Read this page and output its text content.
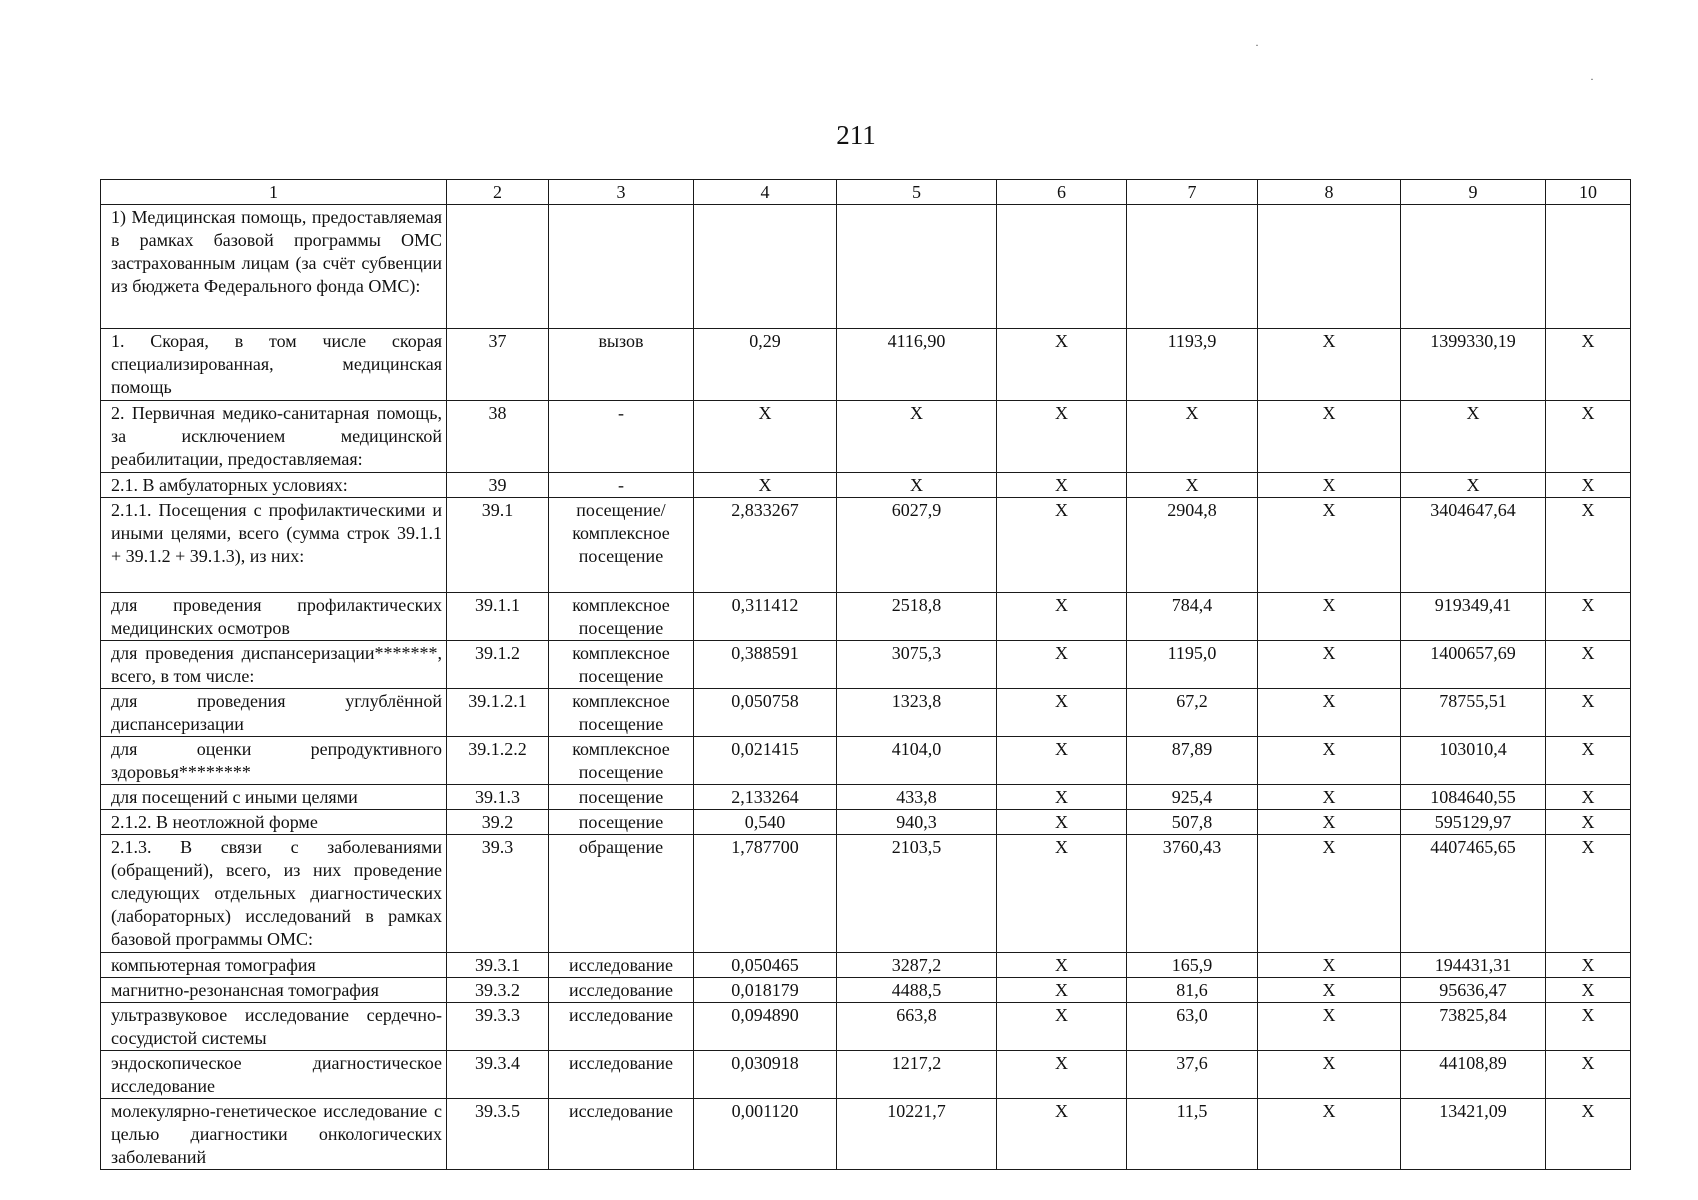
211
·
·
1	2	3	4	5	6	7	8	9	10
1) Медицинская помощь, предоставляемая в рамках базовой программы ОМС застрахованным лицам (за счёт субвенции из бюджета Федерального фонда ОМС):									
1. Скорая, в том числе скорая специализированная, медицинская помощь	37	вызов	0,29	4116,90	Х	1193,9	Х	1399330,19	Х
2. Первичная медико-санитарная помощь, за исключением медицинской реабилитации, предоставляемая:	38	-	Х	Х	Х	Х	Х	Х	Х
2.1. В амбулаторных условиях:	39	-	Х	Х	Х	Х	Х	Х	Х
2.1.1. Посещения с профилактическими и иными целями, всего (сумма строк 39.1.1 + 39.1.2 + 39.1.3), из них:	39.1	посещение/ комплексное посещение	2,833267	6027,9	Х	2904,8	Х	3404647,64	Х
для проведения профилактических медицинских осмотров	39.1.1	комплексное посещение	0,311412	2518,8	Х	784,4	Х	919349,41	Х
для проведения диспансеризации*******, всего, в том числе:	39.1.2	комплексное посещение	0,388591	3075,3	Х	1195,0	Х	1400657,69	Х
для проведения углублённой диспансеризации	39.1.2.1	комплексное посещение	0,050758	1323,8	Х	67,2	Х	78755,51	Х
для оценки репродуктивного здоровья********	39.1.2.2	комплексное посещение	0,021415	4104,0	Х	87,89	Х	103010,4	Х
для посещений с иными целями	39.1.3	посещение	2,133264	433,8	Х	925,4	Х	1084640,55	Х
2.1.2. В неотложной форме	39.2	посещение	0,540	940,3	Х	507,8	Х	595129,97	Х
2.1.3. В связи с заболеваниями (обращений), всего, из них проведение следующих отдельных диагностических (лабораторных) исследований в рамках базовой программы ОМС:	39.3	обращение	1,787700	2103,5	Х	3760,43	Х	4407465,65	Х
компьютерная томография	39.3.1	исследование	0,050465	3287,2	Х	165,9	Х	194431,31	Х
магнитно-резонансная томография	39.3.2	исследование	0,018179	4488,5	Х	81,6	Х	95636,47	Х
ультразвуковое исследование сердечно-сосудистой системы	39.3.3	исследование	0,094890	663,8	Х	63,0	Х	73825,84	Х
эндоскопическое диагностическое исследование	39.3.4	исследование	0,030918	1217,2	Х	37,6	Х	44108,89	Х
молекулярно-генетическое исследование с целью диагностики онкологических заболеваний	39.3.5	исследование	0,001120	10221,7	Х	11,5	Х	13421,09	Х
